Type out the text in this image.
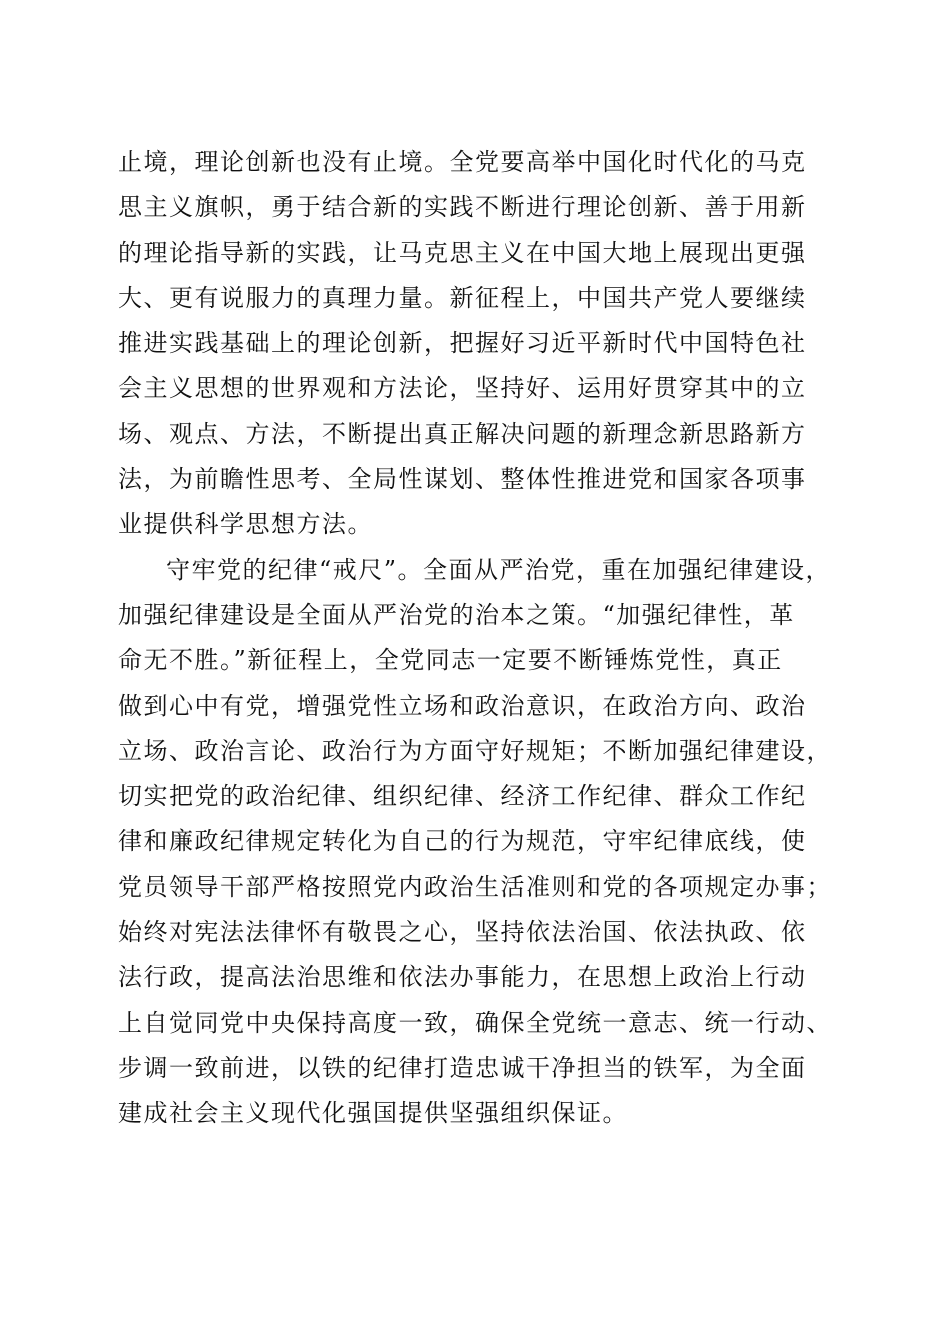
止境，理论创新也没有止境。全党要高举中国化时代化的马克
思主义旗帜，勇于结合新的实践不断进行理论创新、善于用新
的理论指导新的实践，让马克思主义在中国大地上展现出更强
大、更有说服力的真理力量。新征程上，中国共产党人要继续
推进实践基础上的理论创新，把握好习近平新时代中国特色社
会主义思想的世界观和方法论，坚持好、运用好贯穿其中的立
场、观点、方法，不断提出真正解决问题的新理念新思路新方
法，为前瞻性思考、全局性谋划、整体性推进党和国家各项事
业提供科学思想方法。

守牢党的纪律“戒尺”。全面从严治党，重在加强纪律建设，
加强纪律建设是全面从严治党的治本之策。“加强纪律性，革
命无不胜。”新征程上，全党同志一定要不断锤炼党性，真正
做到心中有党，增强党性立场和政治意识，在政治方向、政治
立场、政治言论、政治行为方面守好规矩；不断加强纪律建设，
切实把党的政治纪律、组织纪律、经济工作纪律、群众工作纪
律和廉政纪律规定转化为自己的行为规范，守牢纪律底线，使
党员领导干部严格按照党内政治生活准则和党的各项规定办事；
始终对宪法法律怀有敬畏之心，坚持依法治国、依法执政、依
法行政，提高法治思维和依法办事能力，在思想上政治上行动
上自觉同党中央保持高度一致，确保全党统一意志、统一行动、
步调一致前进，以铁的纪律打造忠诚干净担当的铁军，为全面
建成社会主义现代化强国提供坚强组织保证。
